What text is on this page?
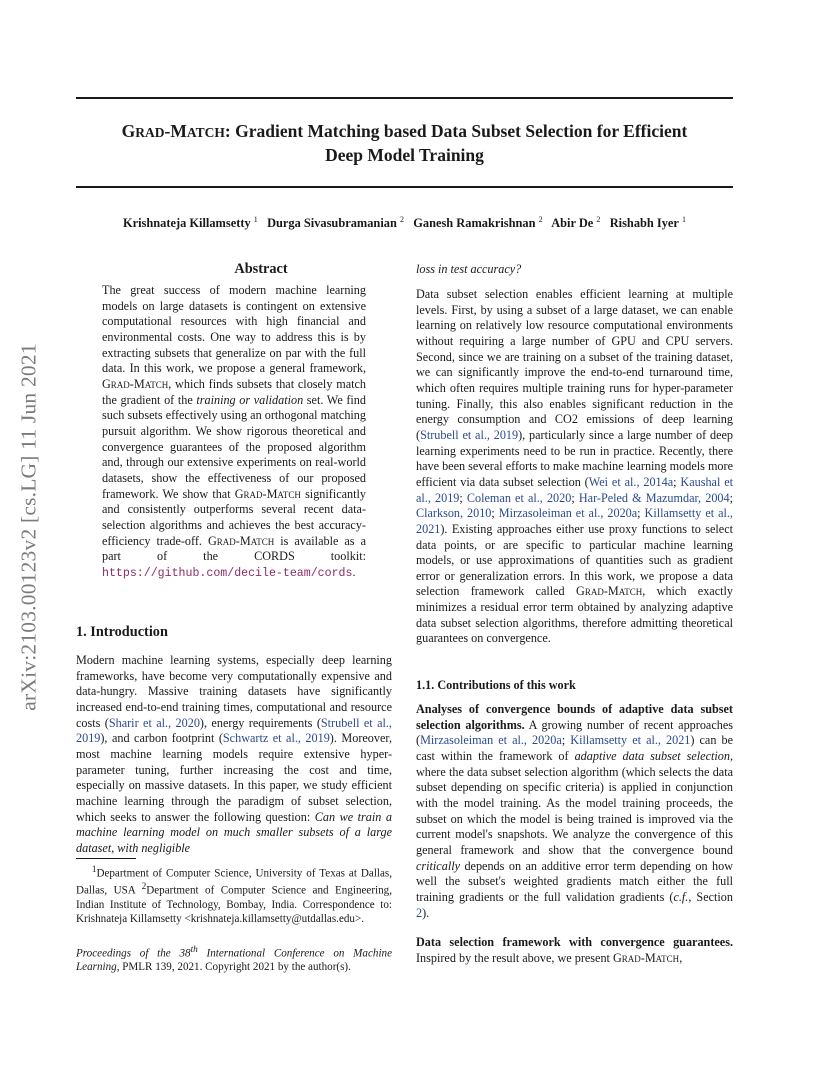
GRAD-MATCH: Gradient Matching based Data Subset Selection for Efficient
Deep Model Training
Krishnateja Killamsetty $^1$ Durga Sivasubramanian $^2$ Ganesh Ramakrishnan $^2$ Abir De $^2$ Rishabh Iyer $^1$
arXiv:2103.00123v2 [cs.LG] 11 Jun 2021
Abstract

The great success of modern machine learning models on large datasets is contingent on extensive computational resources with high financial and environmental costs. One way to address this is by extracting subsets that generalize on par with the full data. In this work, we propose a general framework, Grad-Match, which finds subsets that closely match the gradient of the training or validation set. We find such subsets effectively using an orthogonal matching pursuit algorithm. We show rigorous theoretical and convergence guarantees of the proposed algorithm and, through our extensive experiments on real-world datasets, show the effectiveness of our proposed framework. We show that Grad-Match significantly and consistently outperforms several recent data-selection algorithms and achieves the best accuracy-efficiency trade-off. Grad-Match is available as a part of the CORDS toolkit: https://github.com/decile-team/cords.

1. Introduction

Modern machine learning systems, especially deep learning frameworks, have become very computationally expensive and data-hungry. Massive training datasets have significantly increased end-to-end training times, computational and resource costs (Sharir et al., 2020), energy requirements (Strubell et al., 2019), and carbon footprint (Schwartz et al., 2019). Moreover, most machine learning models require extensive hyper-parameter tuning, further increasing the cost and time, especially on massive datasets. In this paper, we study efficient machine learning through the paradigm of subset selection, which seeks to answer the following question: Can we train a machine learning model on much smaller subsets of a large dataset, with negligible

$^1$Department of Computer Science, University of Texas at Dallas, Dallas, USA $^2$Department of Computer Science and Engineering, Indian Institute of Technology, Bombay, India. Correspondence to: Krishnateja Killamsetty <krishnateja.killamsetty@utdallas.edu>.

Proceedings of the 38th International Conference on Machine Learning, PMLR 139, 2021. Copyright 2021 by the author(s).

loss in test accuracy?

Data subset selection enables efficient learning at multiple levels. First, by using a subset of a large dataset, we can enable learning on relatively low resource computational environments without requiring a large number of GPU and CPU servers. Second, since we are training on a subset of the training dataset, we can significantly improve the end-to-end turnaround time, which often requires multiple training runs for hyper-parameter tuning. Finally, this also enables significant reduction in the energy consumption and CO2 emissions of deep learning (Strubell et al., 2019), particularly since a large number of deep learning experiments need to be run in practice. Recently, there have been several efforts to make machine learning models more efficient via data subset selection (Wei et al., 2014a; Kaushal et al., 2019; Coleman et al., 2020; Har-Peled & Mazumdar, 2004; Clarkson, 2010; Mirzasoleiman et al., 2020a; Killamsetty et al., 2021). Existing approaches either use proxy functions to select data points, or are specific to particular machine learning models, or use approximations of quantities such as gradient error or generalization errors. In this work, we propose a data selection framework called Grad-Match, which exactly minimizes a residual error term obtained by analyzing adaptive data subset selection algorithms, therefore admitting theoretical guarantees on convergence.

1.1. Contributions of this work

Analyses of convergence bounds of adaptive data subset selection algorithms. A growing number of recent approaches (Mirzasoleiman et al., 2020a; Killamsetty et al., 2021) can be cast within the framework of adaptive data subset selection, where the data subset selection algorithm (which selects the data subset depending on specific criteria) is applied in conjunction with the model training. As the model training proceeds, the subset on which the model is being trained is improved via the current model's snapshots. We analyze the convergence of this general framework and show that the convergence bound critically depends on an additive error term depending on how well the subset's weighted gradients match either the full training gradients or the full validation gradients (c.f., Section 2).

Data selection framework with convergence guarantees. Inspired by the result above, we present Grad-Match,
